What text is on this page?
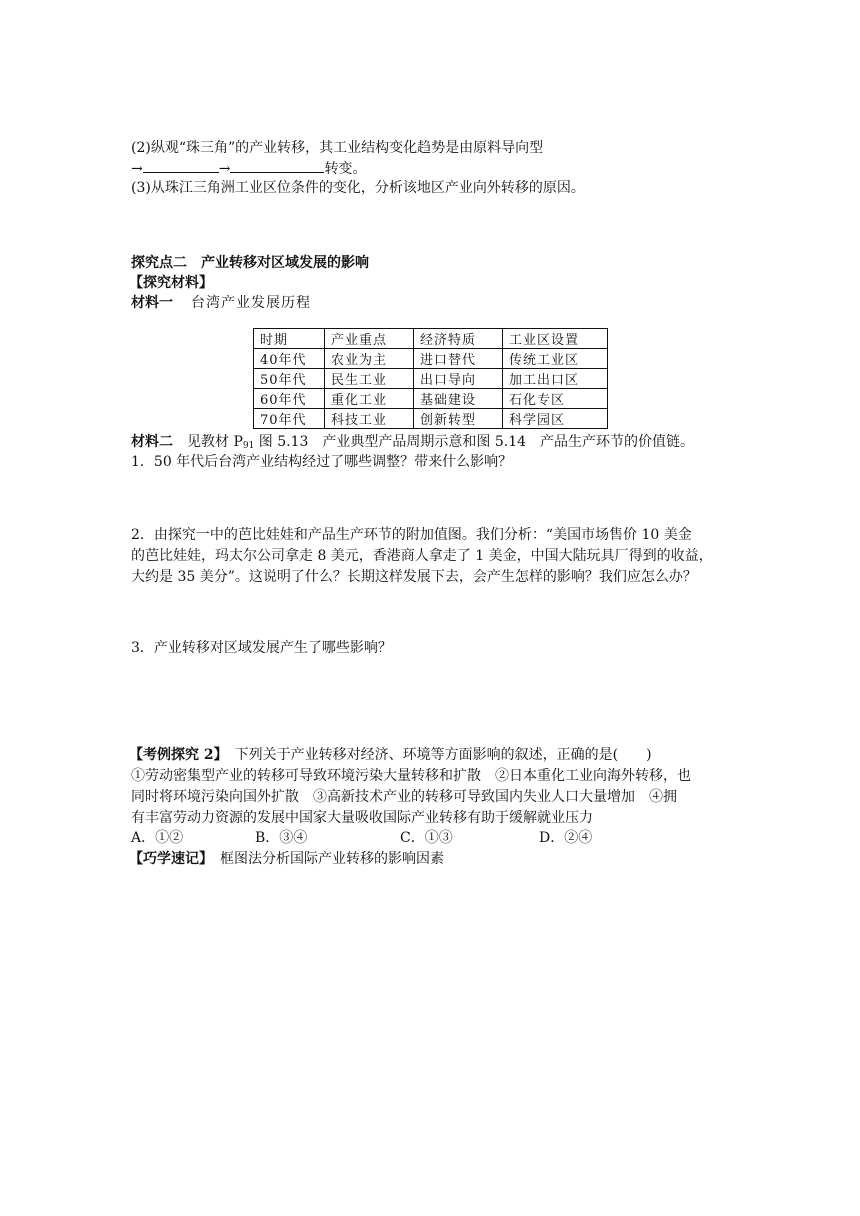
(2)纵观“珠三角”的产业转移，其工业结构变化趋势是由原料导向型
→	→	转变。
(3)从珠江三角洲工业区位条件的变化，分析该地区产业向外转移的原因。
探究点二　产业转移对区域发展的影响
【探究材料】
材料一 台湾产业发展历程
时期	产业重点	经济特质	工业区设置
40年代	农业为主	进口替代	传统工业区
50年代	民生工业	出口导向	加工出口区
60年代	重化工业	基础建设	石化专区
70年代	科技工业	创新转型	科学园区
材料二 见教材 $P_{91}$ 图 5.13　产业典型产品周期示意和图 5.14　产品生产环节的价值链。
1．50 年代后台湾产业结构经过了哪些调整？带来什么影响？
2．由探究一中的芭比娃娃和产品生产环节的附加值图。我们分析：“美国市场售价 10 美金
的芭比娃娃，玛太尔公司拿走 8 美元，香港商人拿走了 1 美金，中国大陆玩具厂得到的收益，
大约是 35 美分”。这说明了什么？长期这样发展下去，会产生怎样的影响？我们应怎么办？
3．产业转移对区域发展产生了哪些影响？
【考例探究 2】　下列关于产业转移对经济、环境等方面影响的叙述，正确的是(　　)
①劳动密集型产业的转移可导致环境污染大量转移和扩散　②日本重化工业向海外转移，也
同时将环境污染向国外扩散　③高新技术产业的转移可导致国内失业人口大量增加　④拥
有丰富劳动力资源的发展中国家大量吸收国际产业转移有助于缓解就业压力
A．①②	B．③④	C．①③	D．②④
【巧学速记】　框图法分析国际产业转移的影响因素
